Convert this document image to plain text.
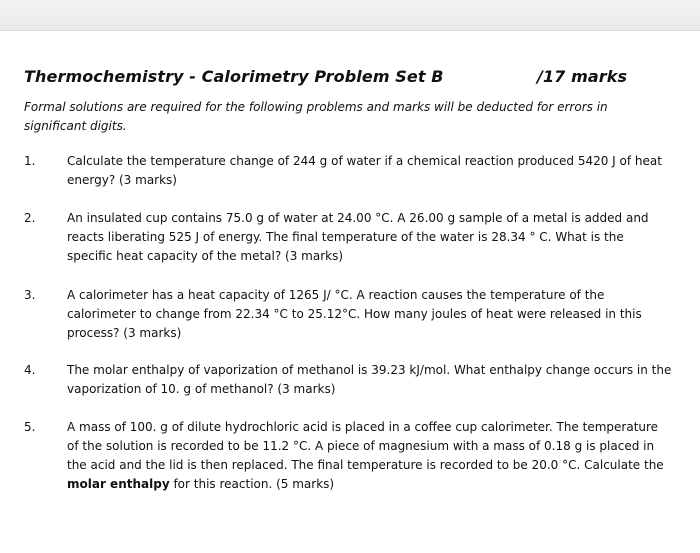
Thermochemistry - Calorimetry Problem Set B	/17 marks
Formal solutions are required for the following problems and marks will be deducted for errors in significant digits.
1.	Calculate the temperature change of 244 g of water if a chemical reaction produced 5420 J of heat energy? (3 marks)
2.	An insulated cup contains 75.0 g of water at 24.00 °C. A 26.00 g sample of a metal is added and reacts liberating 525 J of energy. The final temperature of the water is 28.34 ° C. What is the specific heat capacity of the metal? (3 marks)
3.	A calorimeter has a heat capacity of 1265 J/ °C. A reaction causes the temperature of the calorimeter to change from 22.34 °C to 25.12°C. How many joules of heat were released in this process? (3 marks)
4.	The molar enthalpy of vaporization of methanol is 39.23 kJ/mol. What enthalpy change occurs in the vaporization of 10. g of methanol? (3 marks)
5.	A mass of 100. g of dilute hydrochloric acid is placed in a coffee cup calorimeter. The temperature of the solution is recorded to be 11.2 °C. A piece of magnesium with a mass of 0.18 g is placed in the acid and the lid is then replaced. The final temperature is recorded to be 20.0 °C. Calculate the molar enthalpy for this reaction. (5 marks)
